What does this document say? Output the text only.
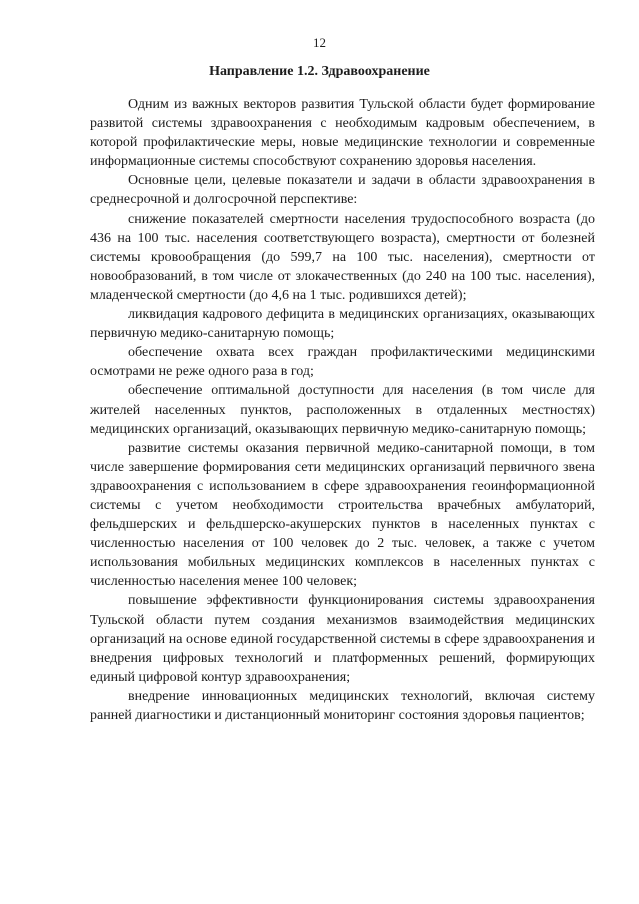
12
Направление 1.2. Здравоохранение

Одним из важных векторов развития Тульской области будет формирование развитой системы здравоохранения с необходимым кадровым обеспечением, в которой профилактические меры, новые медицинские технологии и современные информационные системы способствуют сохранению здоровья населения.

Основные цели, целевые показатели и задачи в области здравоохранения в среднесрочной и долгосрочной перспективе:

снижение показателей смертности населения трудоспособного возраста (до 436 на 100 тыс. населения соответствующего возраста), смертности от болезней системы кровообращения (до 599,7 на 100 тыс. населения), смертности от новообразований, в том числе от злокачественных (до 240 на 100 тыс. населения), младенческой смертности (до 4,6 на 1 тыс. родившихся детей);

ликвидация кадрового дефицита в медицинских организациях, оказывающих первичную медико-санитарную помощь;

обеспечение охвата всех граждан профилактическими медицинскими осмотрами не реже одного раза в год;

обеспечение оптимальной доступности для населения (в том числе для жителей населенных пунктов, расположенных в отдаленных местностях) медицинских организаций, оказывающих первичную медико-санитарную помощь;

развитие системы оказания первичной медико-санитарной помощи, в том числе завершение формирования сети медицинских организаций первичного звена здравоохранения с использованием в сфере здравоохранения геоинформационной системы с учетом необходимости строительства врачебных амбулаторий, фельдшерских и фельдшерско-акушерских пунктов в населенных пунктах с численностью населения от 100 человек до 2 тыс. человек, а также с учетом использования мобильных медицинских комплексов в населенных пунктах с численностью населения менее 100 человек;

повышение эффективности функционирования системы здравоохранения Тульской области путем создания механизмов взаимодействия медицинских организаций на основе единой государственной системы в сфере здравоохранения и внедрения цифровых технологий и платформенных решений, формирующих единый цифровой контур здравоохранения;

внедрение инновационных медицинских технологий, включая систему ранней диагностики и дистанционный мониторинг состояния здоровья пациентов;
